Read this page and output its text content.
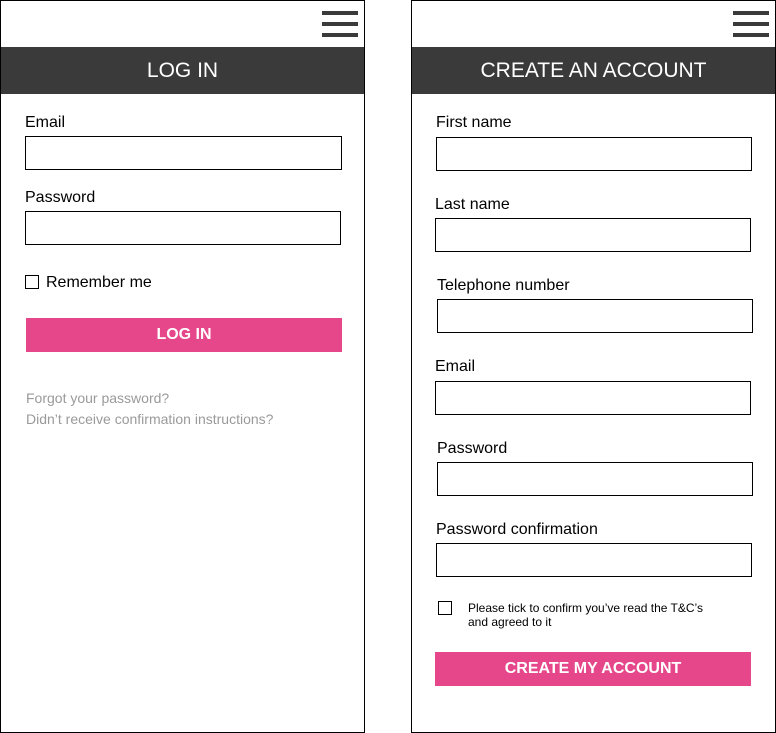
LOG IN
Email
Password
Remember me
LOG IN
Forgot your password?
Didn’t receive confirmation instructions?
CREATE AN ACCOUNT
First name
Last name
Telephone number
Email
Password
Password confirmation
Please tick to confirm you’ve read the T&C’s
and agreed to it
CREATE MY ACCOUNT
